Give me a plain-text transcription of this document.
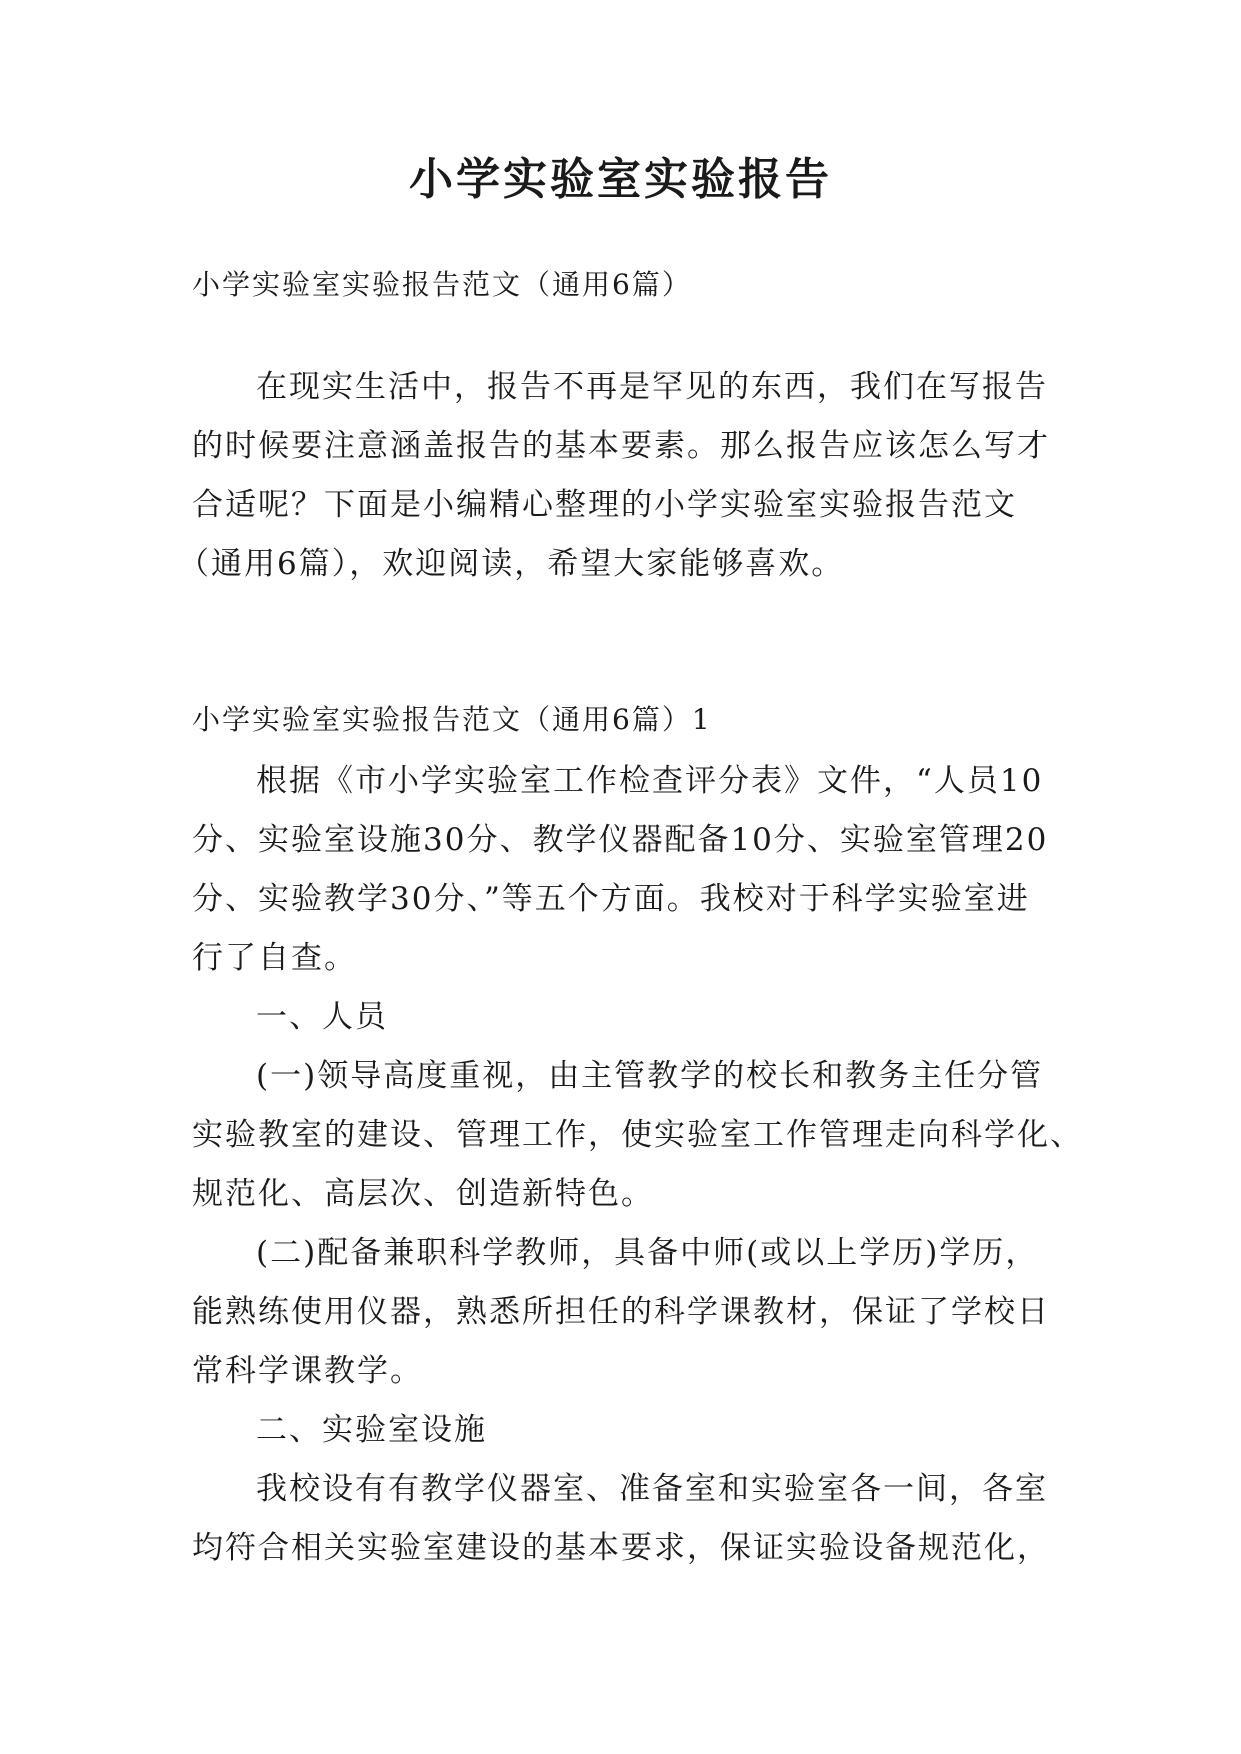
小学实验室实验报告
小学实验室实验报告范文（通用6篇）
在现实生活中，报告不再是罕见的东西，我们在写报告
的时候要注意涵盖报告的基本要素。那么报告应该怎么写才
合适呢？下面是小编精心整理的小学实验室实验报告范文
（通用6篇），欢迎阅读，希望大家能够喜欢。
小学实验室实验报告范文（通用6篇）1
根据《市小学实验室工作检查评分表》文件，“人员10
分、实验室设施30分、教学仪器配备10分、实验室管理20
分、实验教学30分、”等五个方面。我校对于科学实验室进
行了自查。
一、人员
(一)领导高度重视，由主管教学的校长和教务主任分管
实验教室的建设、管理工作，使实验室工作管理走向科学化、
规范化、高层次、创造新特色。
(二)配备兼职科学教师，具备中师(或以上学历)学历，
能熟练使用仪器，熟悉所担任的科学课教材，保证了学校日
常科学课教学。
二、实验室设施
我校设有有教学仪器室、准备室和实验室各一间，各室
均符合相关实验室建设的基本要求，保证实验设备规范化，
